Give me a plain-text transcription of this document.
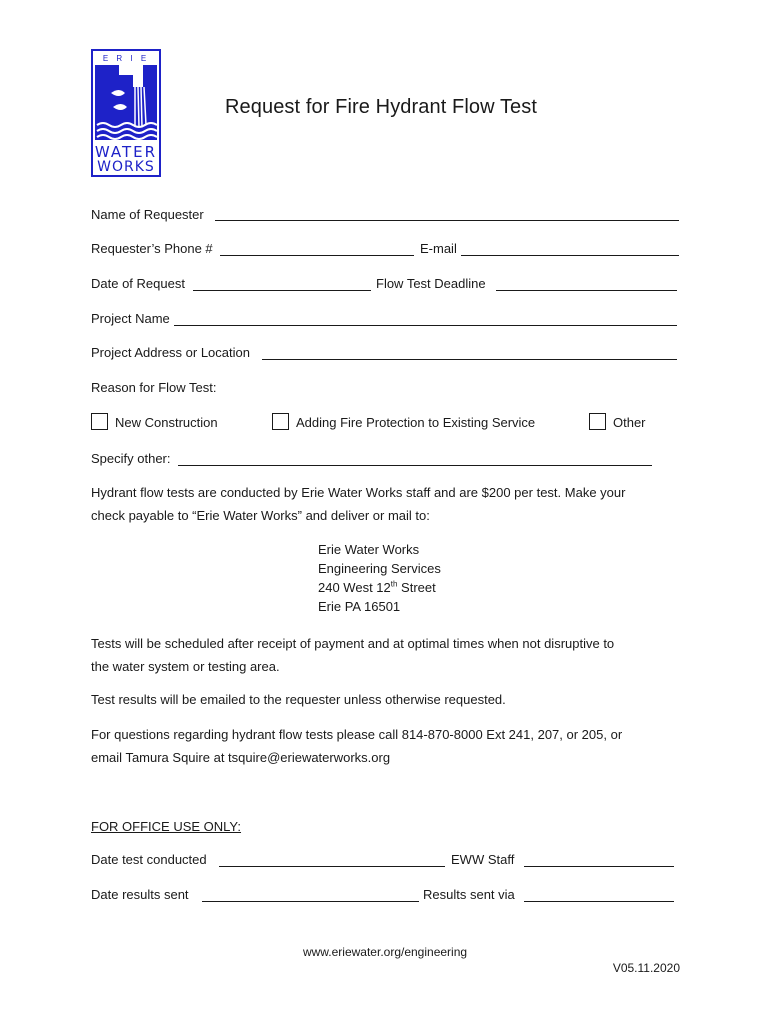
E R I E
WATER
WORKS
Request for Fire Hydrant Flow Test
Name of Requester
Requester’s Phone #	E-mail
Date of Request	Flow Test Deadline
Project Name
Project Address or Location
Reason for Flow Test:
New Construction	Adding Fire Protection to Existing Service	Other
Specify other:
Hydrant flow tests are conducted by Erie Water Works staff and are $200 per test. Make your
check payable to “Erie Water Works” and deliver or mail to:
Erie Water Works
Engineering Services
240 West 12th Street
Erie PA 16501
Tests will be scheduled after receipt of payment and at optimal times when not disruptive to
the water system or testing area.
Test results will be emailed to the requester unless otherwise requested.
For questions regarding hydrant flow tests please call 814-870-8000 Ext 241, 207, or 205, or
email Tamura Squire at tsquire@eriewaterworks.org
FOR OFFICE USE ONLY:
Date test conducted	EWW Staff
Date results sent	Results sent via
www.eriewater.org/engineering
V05.11.2020
